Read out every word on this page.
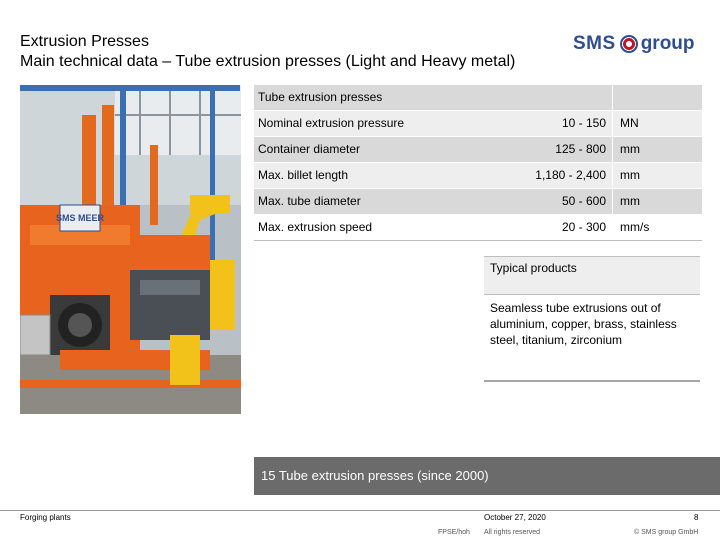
Extrusion Presses
Main technical data – Tube extrusion presses (Light and Heavy metal)
SMS group
SMS MEER
Tube extrusion presses
Nominal extrusion pressure	10 - 150 MN
Container diameter	125 - 800 mm
Max. billet length	1,180 - 2,400 mm
Max. tube diameter	50 - 600 mm
Max. extrusion speed	20 - 300 mm/s
Typical products
Seamless tube extrusions out of aluminium, copper, brass, stainless steel, titanium, zirconium
15 Tube extrusion presses (since 2000)
Forging plants
FPSE/hoh
October 27, 2020
All rights reserved
8
© SMS group GmbH
